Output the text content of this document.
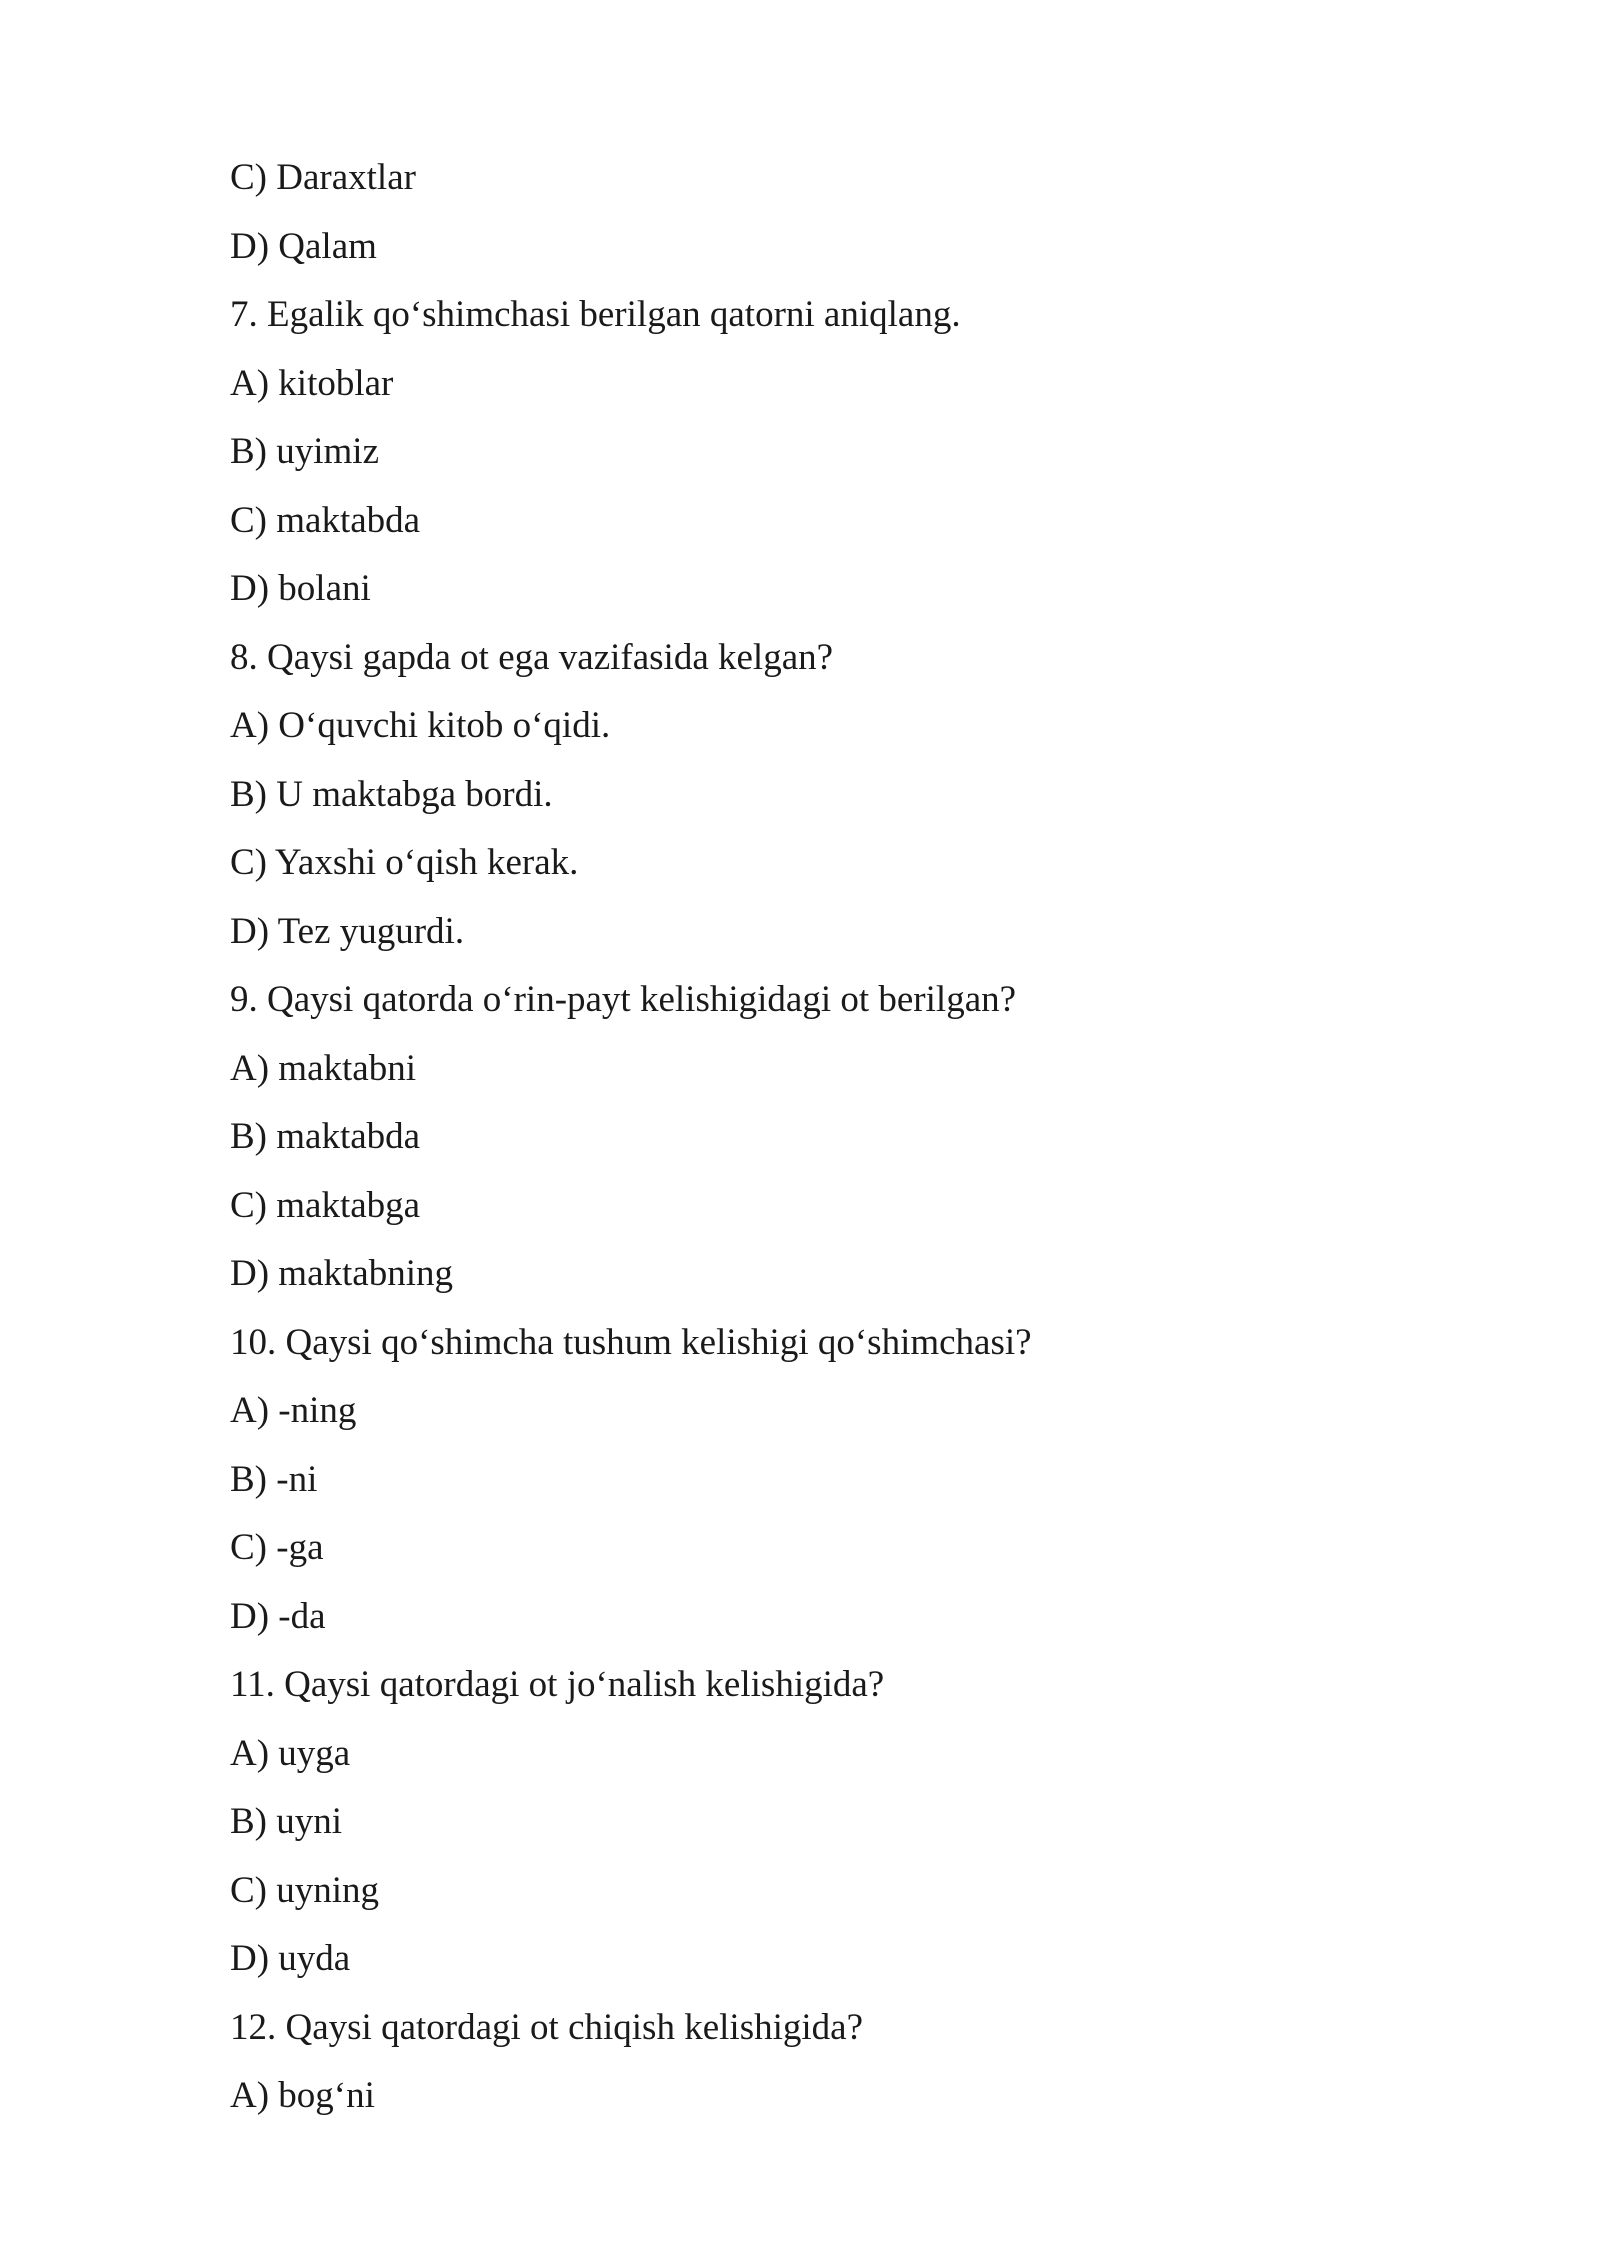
C) Daraxtlar
D) Qalam
7. Egalik qo‘shimchasi berilgan qatorni aniqlang.
A) kitoblar
B) uyimiz
C) maktabda
D) bolani
8. Qaysi gapda ot ega vazifasida kelgan?
A) O‘quvchi kitob o‘qidi.
B) U maktabga bordi.
C) Yaxshi o‘qish kerak.
D) Tez yugurdi.
9. Qaysi qatorda o‘rin-payt kelishigidagi ot berilgan?
A) maktabni
B) maktabda
C) maktabga
D) maktabning
10. Qaysi qo‘shimcha tushum kelishigi qo‘shimchasi?
A) -ning
B) -ni
C) -ga
D) -da
11. Qaysi qatordagi ot jo‘nalish kelishigida?
A) uyga
B) uyni
C) uyning
D) uyda
12. Qaysi qatordagi ot chiqish kelishigida?
A) bog‘ni
